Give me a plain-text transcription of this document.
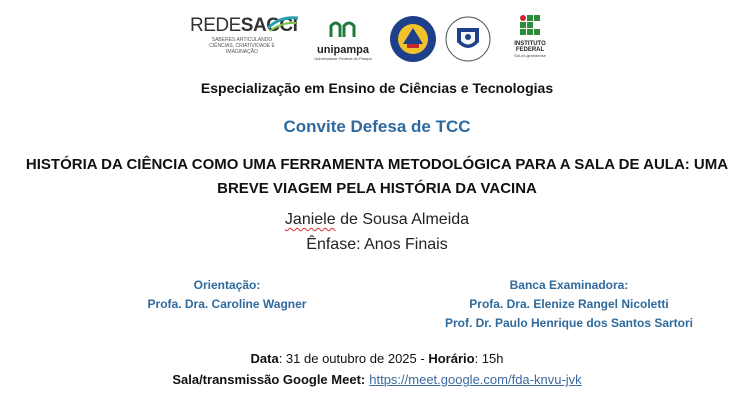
REDESACCI
SABERES ARTICULANDO CIÊNCIAS, CRIATIVIDADE E IMAGINAÇÃO	unipampa
Universidade Federal do Pampa
INSTITUTO
FEDERAL
Sul-rio-grandense
Especialização em Ensino de Ciências e Tecnologias
Convite Defesa de TCC
HISTÓRIA DA CIÊNCIA COMO UMA FERRAMENTA METODOLÓGICA PARA A SALA DE AULA: UMA BREVE VIAGEM PELA HISTÓRIA DA VACINA
Janiele de Sousa Almeida
Ênfase: Anos Finais
Orientação:
Profa. Dra. Caroline Wagner
Banca Examinadora:
Profa. Dra. Elenize Rangel Nicoletti
Prof. Dr. Paulo Henrique dos Santos Sartori
Data: 31 de outubro de 2025 - Horário: 15h
Sala/transmissão Google Meet: https://meet.google.com/fda-knvu-jvk
